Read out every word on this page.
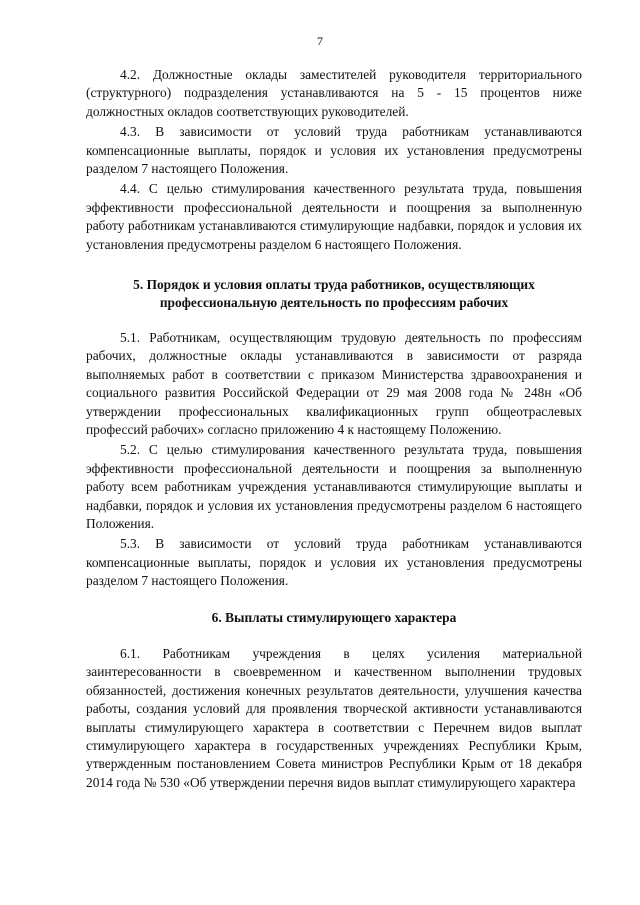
7

4.2. Должностные оклады заместителей руководителя территориального (структурного) подразделения устанавливаются на 5 - 15 процентов ниже должностных окладов соответствующих руководителей.

4.3. В зависимости от условий труда работникам устанавливаются компенсационные выплаты, порядок и условия их установления предусмотрены разделом 7 настоящего Положения.

4.4. С целью стимулирования качественного результата труда, повышения эффективности профессиональной деятельности и поощрения за выполненную работу работникам устанавливаются стимулирующие надбавки, порядок и условия их установления предусмотрены разделом 6 настоящего Положения.

5. Порядок и условия оплаты труда работников, осуществляющих профессиональную деятельность по профессиям рабочих

5.1. Работникам, осуществляющим трудовую деятельность по профессиям рабочих, должностные оклады устанавливаются в зависимости от разряда выполняемых работ в соответствии с приказом Министерства здравоохранения и социального развития Российской Федерации от 29 мая 2008 года № 248н «Об утверждении профессиональных квалификационных групп общеотраслевых профессий рабочих» согласно приложению 4 к настоящему Положению.

5.2. С целью стимулирования качественного результата труда, повышения эффективности профессиональной деятельности и поощрения за выполненную работу всем работникам учреждения устанавливаются стимулирующие выплаты и надбавки, порядок и условия их установления предусмотрены разделом 6 настоящего Положения.

5.3. В зависимости от условий труда работникам устанавливаются компенсационные выплаты, порядок и условия их установления предусмотрены разделом 7 настоящего Положения.

6. Выплаты стимулирующего характера

6.1. Работникам учреждения в целях усиления материальной заинтересованности в своевременном и качественном выполнении трудовых обязанностей, достижения конечных результатов деятельности, улучшения качества работы, создания условий для проявления творческой активности устанавливаются выплаты стимулирующего характера в соответствии с Перечнем видов выплат стимулирующего характера в государственных учреждениях Республики Крым, утвержденным постановлением Совета министров Республики Крым от 18 декабря 2014 года № 530 «Об утверждении перечня видов выплат стимулирующего характера
